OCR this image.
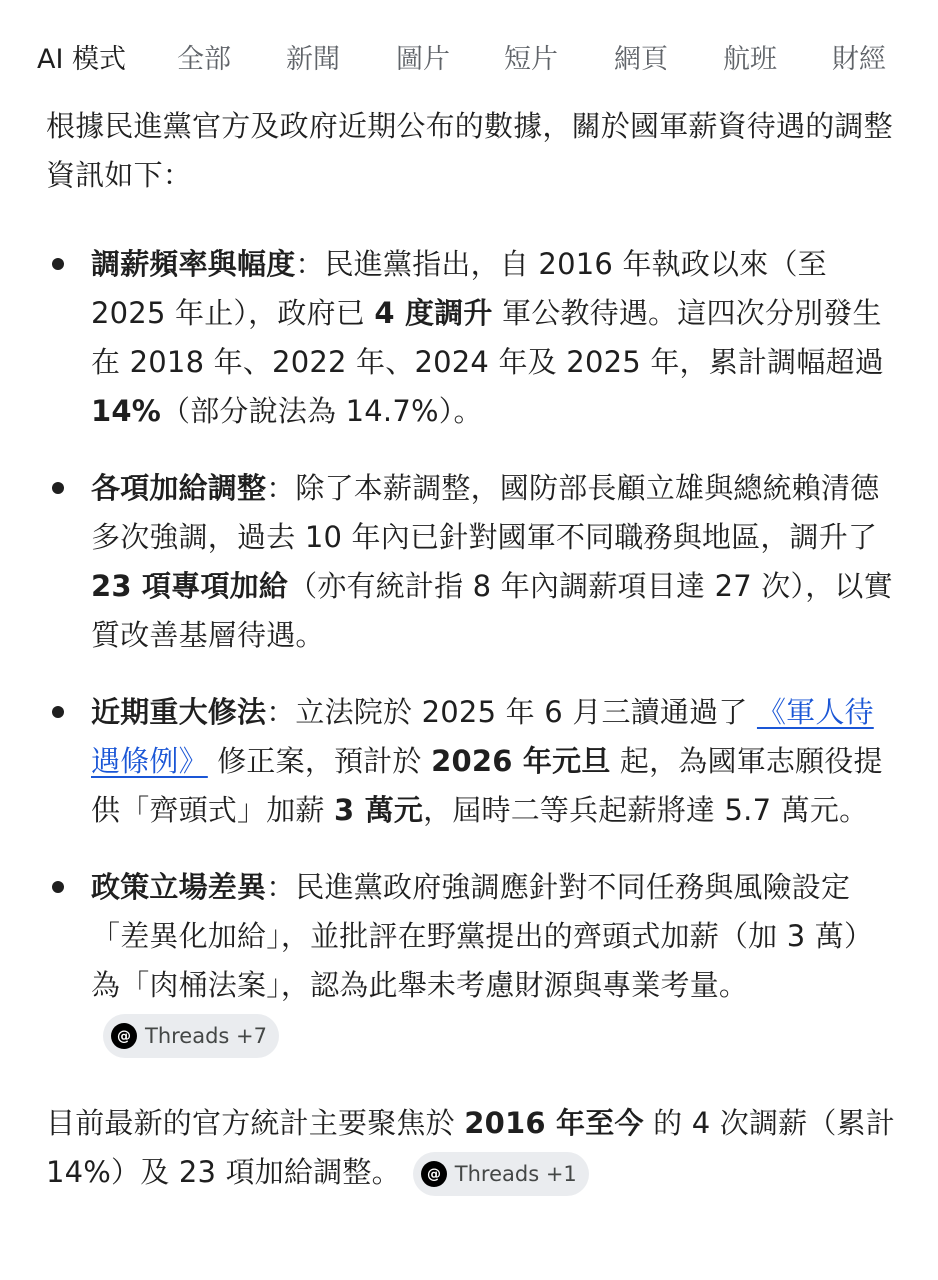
AI 模式 全部 新聞 圖片 短片 網頁 航班 財經

根據民進黨官方及政府近期公布的數據，關於國軍薪資待遇的調整資訊如下：

調薪頻率與幅度：民進黨指出，自 2016 年執政以來（至 2025 年止），政府已 4 度調升 軍公教待遇。這四次分別發生在 2018 年、2022 年、2024 年及 2025 年，累計調幅超過 14%（部分說法為 14.7%）。
各項加給調整：除了本薪調整，國防部長顧立雄與總統賴清德多次強調，過去 10 年內已針對國軍不同職務與地區，調升了 23 項專項加給（亦有統計指 8 年內調薪項目達 27 次），以實質改善基層待遇。
近期重大修法：立法院於 2025 年 6 月三讀通過了 《軍人待遇條例》 修正案，預計於 2026 年元旦 起，為國軍志願役提供「齊頭式」加薪 3 萬元，屆時二等兵起薪將達 5.7 萬元。
政策立場差異：民進黨政府強調應針對不同任務與風險設定「差異化加給」，並批評在野黨提出的齊頭式加薪（加 3 萬）為「肉桶法案」，認為此舉未考慮財源與專業考量。
@ Threads +7

目前最新的官方統計主要聚焦於 2016 年至今 的 4 次調薪（累計 14%）及 23 項加給調整。 @ Threads +1
